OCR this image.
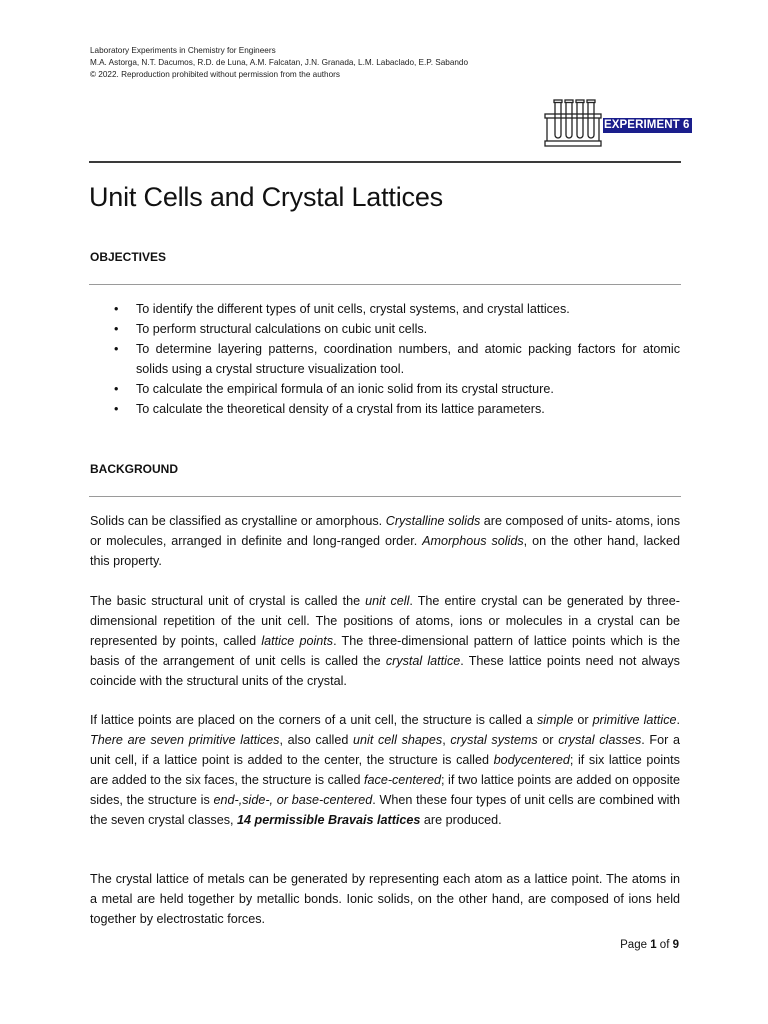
Laboratory Experiments in Chemistry for Engineers
M.A. Astorga, N.T. Dacumos, R.D. de Luna, A.M. Falcatan, J.N. Granada, L.M. Labaclado, E.P. Sabando
© 2022. Reproduction prohibited without permission from the authors
EXPERIMENT 6
Unit Cells and Crystal Lattices
OBJECTIVES
• To identify the different types of unit cells, crystal systems, and crystal lattices.
• To perform structural calculations on cubic unit cells.
• To determine layering patterns, coordination numbers, and atomic packing factors for atomic solids using a crystal structure visualization tool.
• To calculate the empirical formula of an ionic solid from its crystal structure.
• To calculate the theoretical density of a crystal from its lattice parameters.
BACKGROUND

Solids can be classified as crystalline or amorphous. Crystalline solids are composed of units- atoms, ions or molecules, arranged in definite and long-ranged order. Amorphous solids, on the other hand, lacked this property.

The basic structural unit of crystal is called the unit cell. The entire crystal can be generated by three-dimensional repetition of the unit cell. The positions of atoms, ions or molecules in a crystal can be represented by points, called lattice points. The three-dimensional pattern of lattice points which is the basis of the arrangement of unit cells is called the crystal lattice. These lattice points need not always coincide with the structural units of the crystal.

If lattice points are placed on the corners of a unit cell, the structure is called a simple or primitive lattice. There are seven primitive lattices, also called unit cell shapes, crystal systems or crystal classes. For a unit cell, if a lattice point is added to the center, the structure is called bodycentered; if six lattice points are added to the six faces, the structure is called face-centered; if two lattice points are added on opposite sides, the structure is end-,side-, or base-centered. When these four types of unit cells are combined with the seven crystal classes, 14 permissible Bravais lattices are produced.

The crystal lattice of metals can be generated by representing each atom as a lattice point. The atoms in a metal are held together by metallic bonds. Ionic solids, on the other hand, are composed of ions held together by electrostatic forces.

Page 1 of 9
